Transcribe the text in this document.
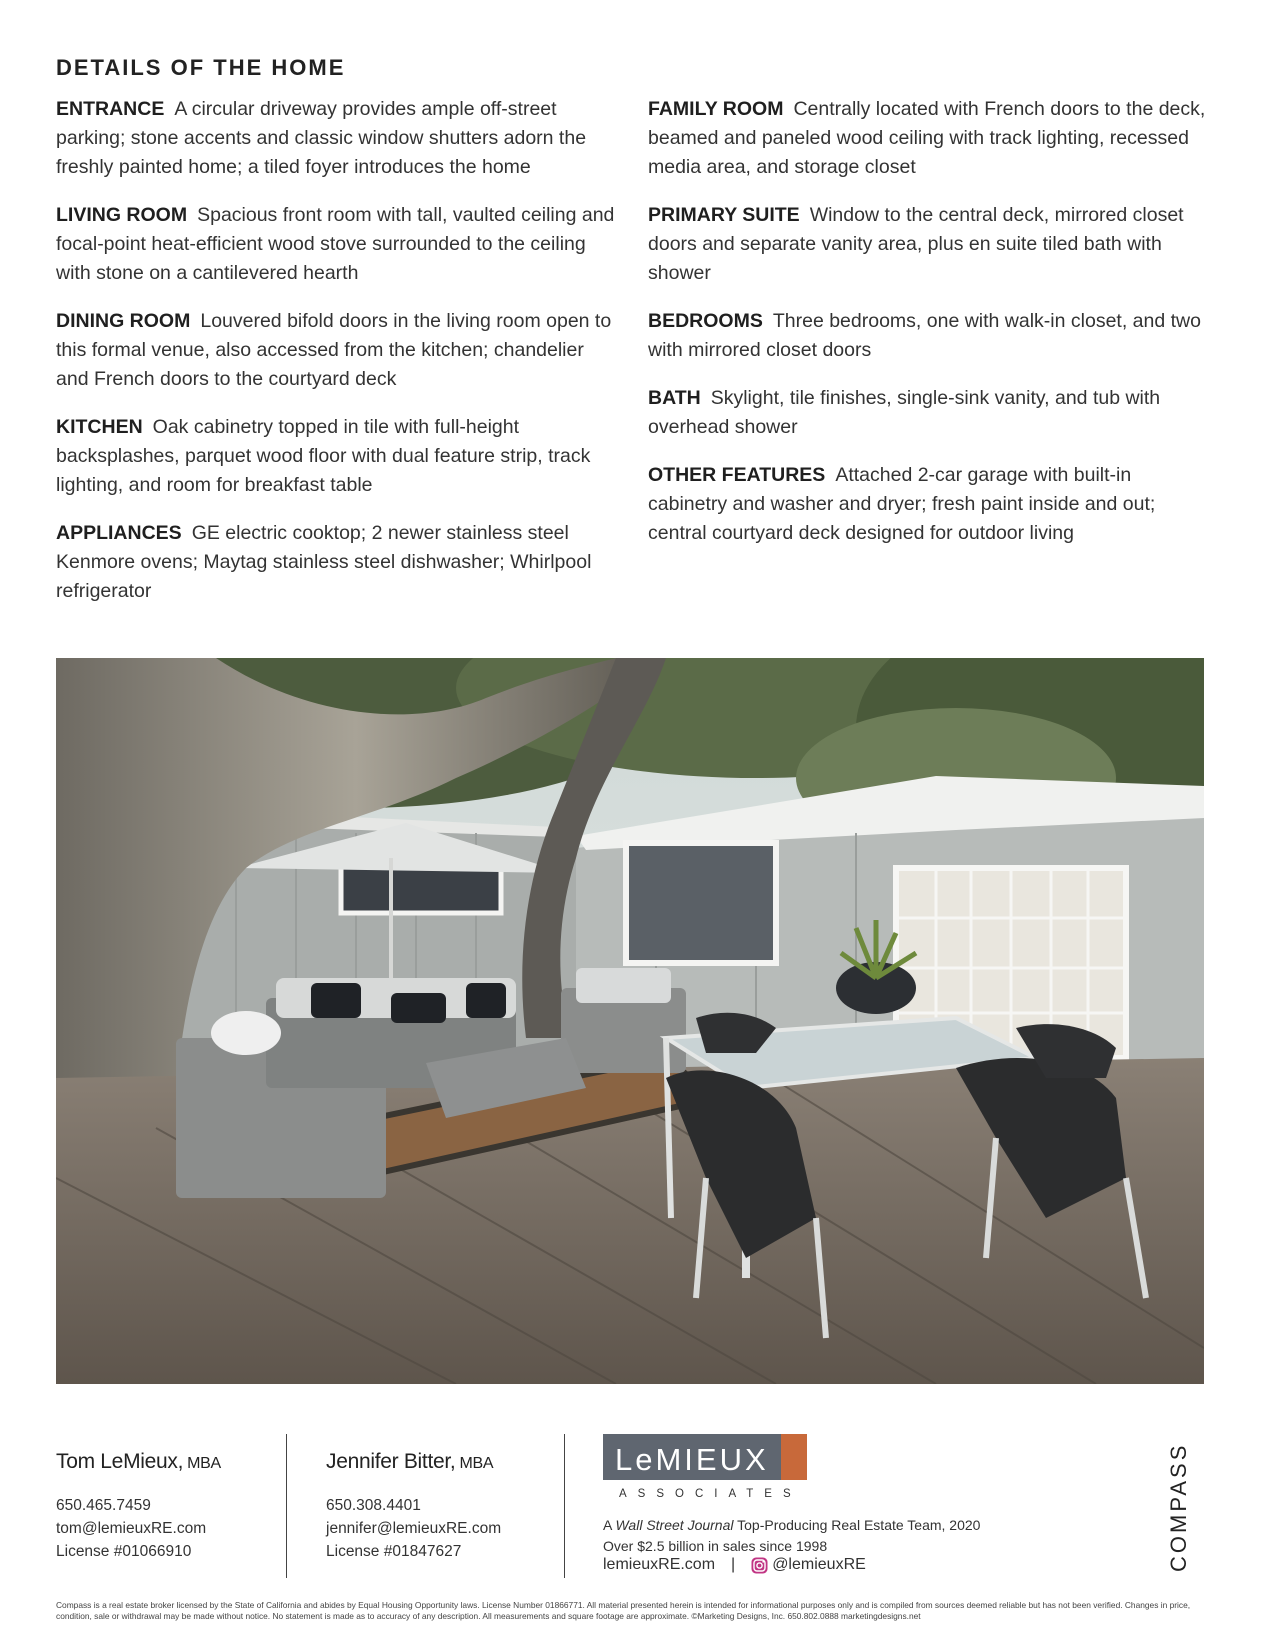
DETAILS OF THE HOME

ENTRANCE A circular driveway provides ample off-street parking; stone accents and classic window shutters adorn the freshly painted home; a tiled foyer introduces the home

LIVING ROOM Spacious front room with tall, vaulted ceiling and focal-point heat-efficient wood stove surrounded to the ceiling with stone on a cantilevered hearth

DINING ROOM Louvered bifold doors in the living room open to this formal venue, also accessed from the kitchen; chandelier and French doors to the courtyard deck

KITCHEN Oak cabinetry topped in tile with full-height backsplashes, parquet wood floor with dual feature strip, track lighting, and room for breakfast table

APPLIANCES GE electric cooktop; 2 newer stainless steel Kenmore ovens; Maytag stainless steel dishwasher; Whirlpool refrigerator

FAMILY ROOM Centrally located with French doors to the deck, beamed and paneled wood ceiling with track lighting, recessed media area, and storage closet

PRIMARY SUITE Window to the central deck, mirrored closet doors and separate vanity area, plus en suite tiled bath with shower

BEDROOMS Three bedrooms, one with walk-in closet, and two with mirrored closet doors

BATH Skylight, tile finishes, single-sink vanity, and tub with overhead shower

OTHER FEATURES Attached 2-car garage with built-in cabinetry and washer and dryer; fresh paint inside and out; central courtyard deck designed for outdoor living

Tom LeMieux, MBA
650.465.7459
tom@lemieuxRE.com
License #01066910
Jennifer Bitter, MBA
650.308.4401
jennifer@lemieuxRE.com
License #01847627
LeMIEUX
ASSOCIATES
A Wall Street Journal Top-Producing Real Estate Team, 2020
Over $2.5 billion in sales since 1998
lemieuxRE.com | @lemieuxRE	COMPASS
Compass is a real estate broker licensed by the State of California and abides by Equal Housing Opportunity laws. License Number 01866771. All material presented herein is intended for informational purposes only and is compiled from sources deemed reliable but has not been verified. Changes in price, condition, sale or withdrawal may be made without notice. No statement is made as to accuracy of any description. All measurements and square footage are approximate. ©Marketing Designs, Inc. 650.802.0888 marketingdesigns.net
